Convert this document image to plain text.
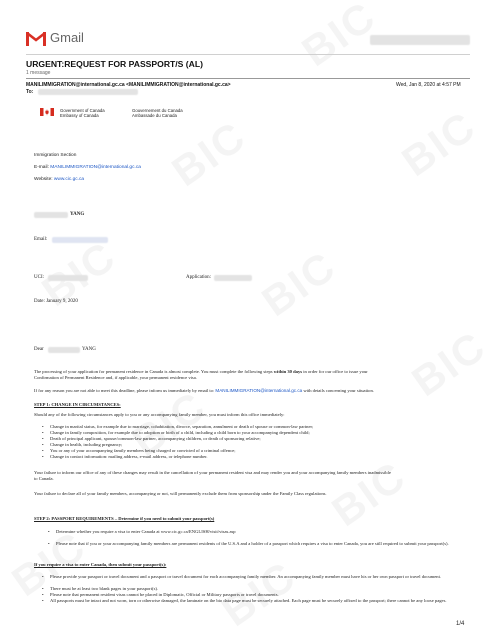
Gmail
URGENT:REQUEST FOR PASSPORT/S (AL)
1 message
MANILIMMIGRATION@international.gc.ca <MANILIMMIGRATION@international.gc.ca>	Wed, Jan 8, 2020 at 4:57 PM
To:
Government of Canada
Embassy of Canada
Gouvernement du Canada
Ambassade du Canada
Immigration Section
E-mail: MANILIMMIGRATION@international.gc.ca
Website: www.cic.gc.ca
YANG
Email:
UCI:	Application:
Date: January 9, 2020
Dear	YANG
The processing of your application for permanent residence in Canada is almost complete. You must complete the following steps within 30 days in order for our office to issue your
Confirmation of Permanent Residence and, if applicable, your permanent residence visa.
If for any reason you are not able to meet this deadline, please inform us immediately by email to: MANILIMMIGRATION@international.gc.ca with details concerning your situation.
STEP 1: CHANGE IN CIRCUMSTANCES:
Should any of the following circumstances apply to you or any accompanying family member, you must inform this office immediately:
• Change in marital status, for example due to marriage, cohabitation, divorce, separation, annulment or death of spouse or common-law partner;
• Change in family composition, for example due to adoption or birth of a child, including a child born to your accompanying dependent child;
• Death of principal applicant, spouse/common-law partner, accompanying children, or death of sponsoring relative;
• Change in health, including pregnancy;
• You or any of your accompanying family members being charged or convicted of a criminal offence;
• Change in contact information: mailing address, e-mail address, or telephone number.
Your failure to inform our office of any of these changes may result in the cancellation of your permanent resident visa and may render you and your accompanying family members inadmissible
to Canada.
Your failure to declare all of your family members, accompanying or not, will permanently exclude them from sponsorship under the Family Class regulations.
STEP 2: PASSPORT REQUIREMENTS – Determine if you need to submit your passport(s)
• Determine whether you require a visa to enter Canada at www.cic.gc.ca/ENGLISH/visit/visas.asp
• Please note that if you or your accompanying family members are permanent residents of the U.S.A and a holder of a passport which requires a visa to enter Canada, you are still required to submit your passport(s).
If you require a visa to enter Canada, then submit your passport(s):
• Please provide your passport or travel document and a passport or travel document for each accompanying family member. An accompanying family member must have his or her own passport or travel document.
• There must be at least two blank pages in your passport(s).
• Please note that permanent resident visas cannot be placed in Diplomatic, Official or Military passports or travel documents.
• All passports must be intact and not worn, torn or otherwise damaged, the laminate on the bio data page must be securely attached. Each page must be securely affixed to the passport; there cannot be any loose pages.
1/4
